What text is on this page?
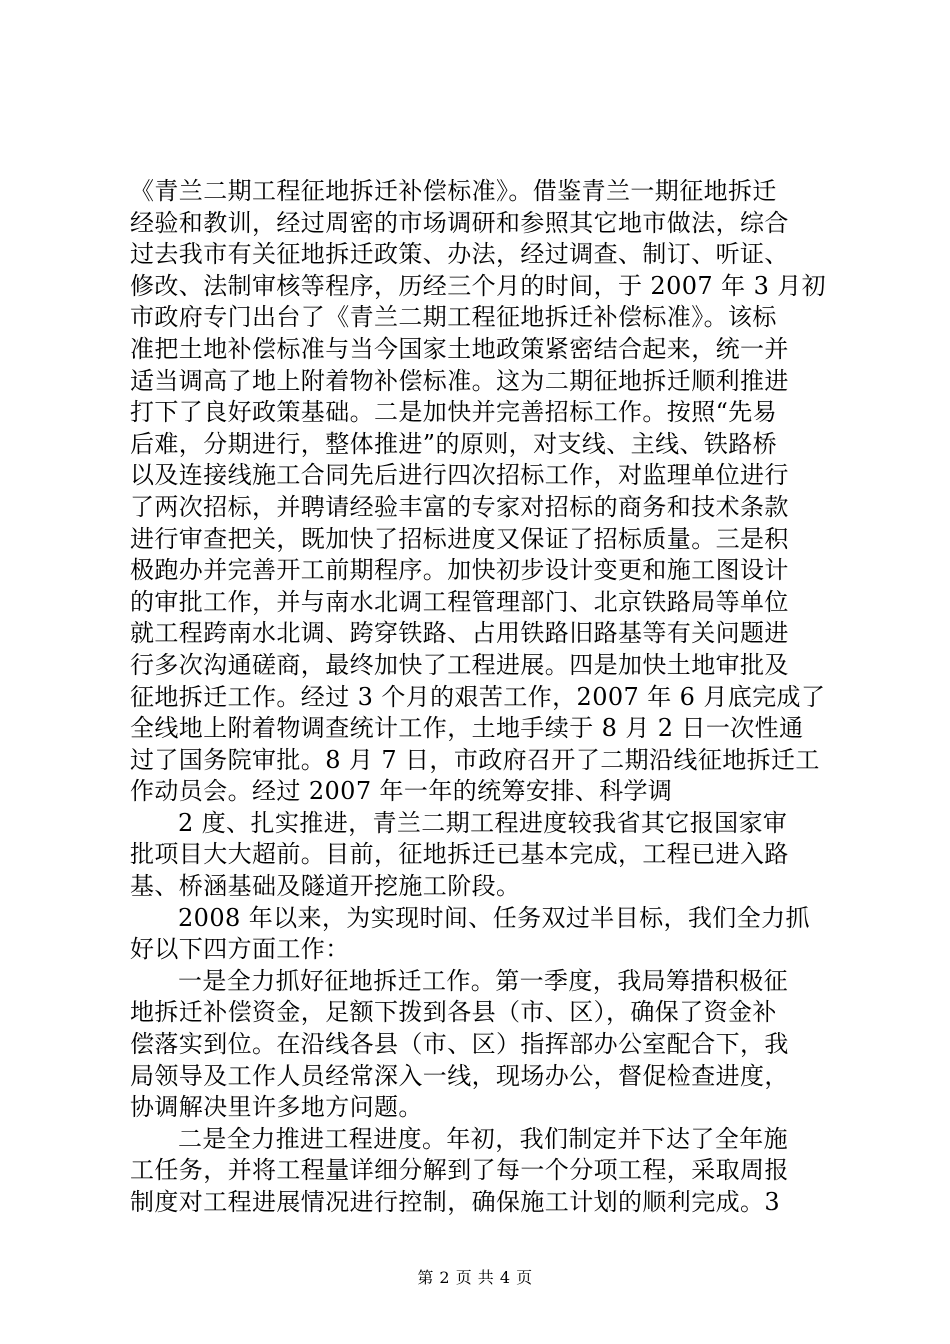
《青兰二期工程征地拆迁补偿标准》。借鉴青兰一期征地拆迁
经验和教训，经过周密的市场调研和参照其它地市做法，综合
过去我市有关征地拆迁政策、办法，经过调查、制订、听证、
修改、法制审核等程序，历经三个月的时间，于 2007 年 3 月初
市政府专门出台了《青兰二期工程征地拆迁补偿标准》。该标
准把土地补偿标准与当今国家土地政策紧密结合起来，统一并
适当调高了地上附着物补偿标准。这为二期征地拆迁顺利推进
打下了良好政策基础。二是加快并完善招标工作。按照“先易
后难，分期进行，整体推进”的原则，对支线、主线、铁路桥
以及连接线施工合同先后进行四次招标工作，对监理单位进行
了两次招标，并聘请经验丰富的专家对招标的商务和技术条款
进行审查把关，既加快了招标进度又保证了招标质量。三是积
极跑办并完善开工前期程序。加快初步设计变更和施工图设计
的审批工作，并与南水北调工程管理部门、北京铁路局等单位
就工程跨南水北调、跨穿铁路、占用铁路旧路基等有关问题进
行多次沟通磋商，最终加快了工程进展。四是加快土地审批及
征地拆迁工作。经过 3 个月的艰苦工作，2007 年 6 月底完成了
全线地上附着物调查统计工作，土地手续于 8 月 2 日一次性通
过了国务院审批。8 月 7 日，市政府召开了二期沿线征地拆迁工
作动员会。经过 2007 年一年的统筹安排、科学调
2 度、扎实推进，青兰二期工程进度较我省其它报国家审
批项目大大超前。目前，征地拆迁已基本完成，工程已进入路
基、桥涵基础及隧道开挖施工阶段。
2008 年以来，为实现时间、任务双过半目标，我们全力抓
好以下四方面工作：
一是全力抓好征地拆迁工作。第一季度，我局筹措积极征
地拆迁补偿资金，足额下拨到各县（市、区），确保了资金补
偿落实到位。在沿线各县（市、区）指挥部办公室配合下，我
局领导及工作人员经常深入一线，现场办公，督促检查进度，
协调解决里许多地方问题。
二是全力推进工程进度。年初，我们制定并下达了全年施
工任务，并将工程量详细分解到了每一个分项工程，采取周报
制度对工程进展情况进行控制，确保施工计划的顺利完成。3
第 2 页 共 4 页
